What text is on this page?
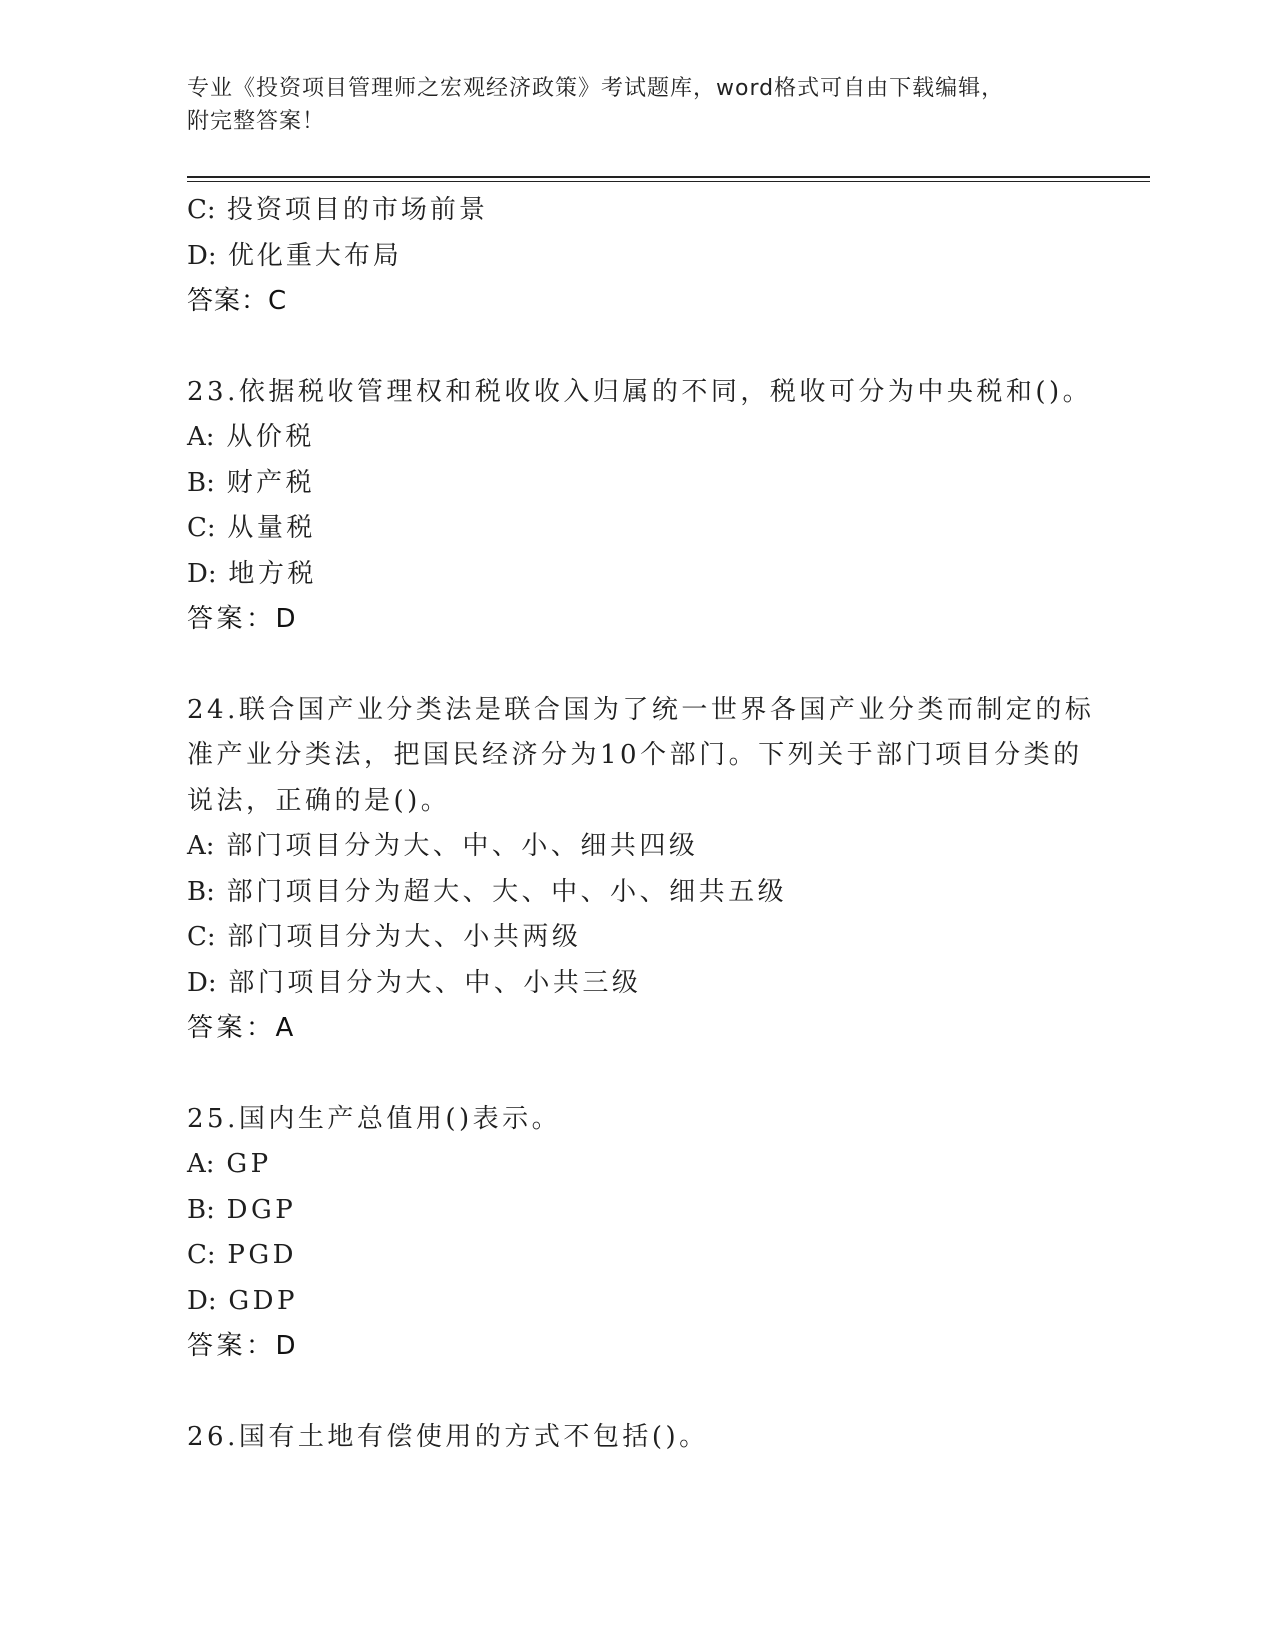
专业《投资项目管理师之宏观经济政策》考试题库，word格式可自由下载编辑，
附完整答案！
C: 投资项目的市场前景
D: 优化重大布局
答案：C
23.依据税收管理权和税收收入归属的不同，税收可分为中央税和()。
A: 从价税
B: 财产税
C: 从量税
D: 地方税
答案：D
24.联合国产业分类法是联合国为了统一世界各国产业分类而制定的标
准产业分类法，把国民经济分为10个部门。下列关于部门项目分类的
说法，正确的是()。
A: 部门项目分为大、中、小、细共四级
B: 部门项目分为超大、大、中、小、细共五级
C: 部门项目分为大、小共两级
D: 部门项目分为大、中、小共三级
答案：A
25.国内生产总值用()表示。
A: GP
B: DGP
C: PGD
D: GDP
答案：D
26.国有土地有偿使用的方式不包括()。
